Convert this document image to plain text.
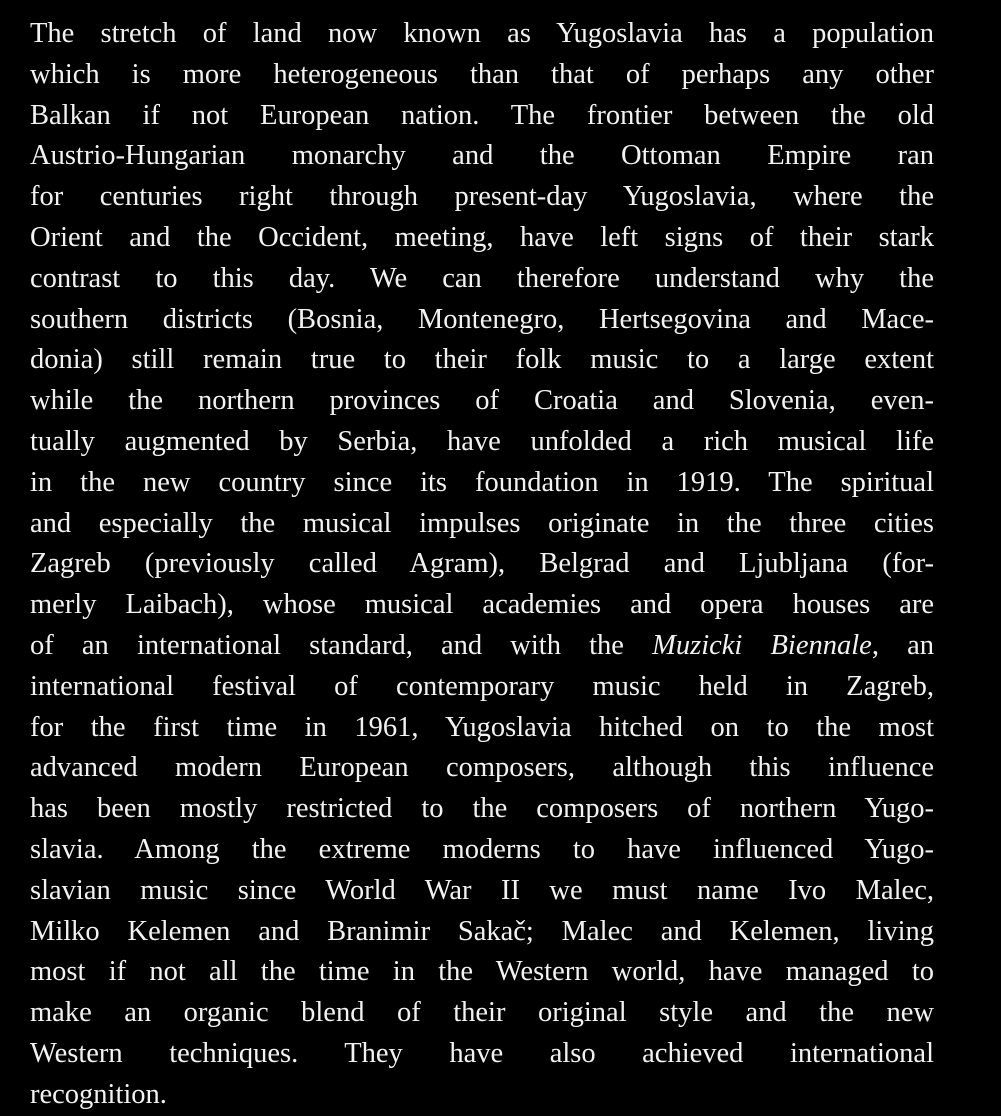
The stretch of land now known as Yugoslavia has a population
which is more heterogeneous than that of perhaps any other
Balkan if not European nation. The frontier between the old
Austrio-Hungarian monarchy and the Ottoman Empire ran
for centuries right through present-day Yugoslavia, where the
Orient and the Occident, meeting, have left signs of their stark
contrast to this day. We can therefore understand why the
southern districts (Bosnia, Montenegro, Hertsegovina and Mace-
donia) still remain true to their folk music to a large extent
while the northern provinces of Croatia and Slovenia, even-
tually augmented by Serbia, have unfolded a rich musical life
in the new country since its foundation in 1919. The spiritual
and especially the musical impulses originate in the three cities
Zagreb (previously called Agram), Belgrad and Ljubljana (for-
merly Laibach), whose musical academies and opera houses are
of an international standard, and with the Muzicki Biennale, an
international festival of contemporary music held in Zagreb,
for the first time in 1961, Yugoslavia hitched on to the most
advanced modern European composers, although this influence
has been mostly restricted to the composers of northern Yugo-
slavia. Among the extreme moderns to have influenced Yugo-
slavian music since World War II we must name Ivo Malec,
Milko Kelemen and Branimir Sakač; Malec and Kelemen, living
most if not all the time in the Western world, have managed to
make an organic blend of their original style and the new
Western techniques. They have also achieved international
recognition.
